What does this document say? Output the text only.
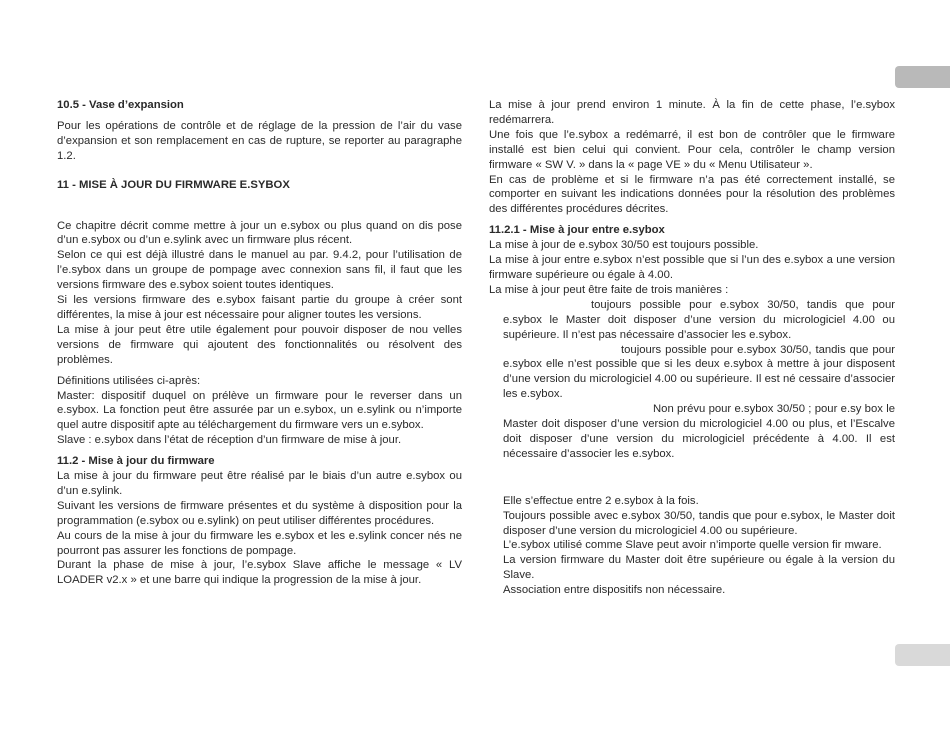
10.5 - Vase d’expansion

Pour les opérations de contrôle et de réglage de la pression de l’air du vase d’expansion et son remplacement en cas de rupture, se reporter au paragraphe 1.2.

11 - MISE À JOUR DU FIRMWARE E.SYBOX

Ce chapitre décrit comme mettre à jour un e.sybox ou plus quand on dis pose d’un e.sybox ou d’un e.sylink avec un firmware plus récent.

Selon ce qui est déjà illustré dans le manuel au par. 9.4.2, pour l’utilisation de l’e.sybox dans un groupe de pompage avec connexion sans fil, il faut que les versions firmware des e.sybox soient toutes identiques.

Si les versions firmware des e.sybox faisant partie du groupe à créer sont différentes, la mise à jour est nécessaire pour aligner toutes les versions.

La mise à jour peut être utile également pour pouvoir disposer de nou velles versions de firmware qui ajoutent des fonctionnalités ou résolvent des problèmes.

Définitions utilisées ci-après:

Master: dispositif duquel on prélève un firmware pour le reverser dans un e.sybox. La fonction peut être assurée par un e.sybox, un e.sylink ou n’importe quel autre dispositif apte au téléchargement du firmware vers un e.sybox.

Slave : e.sybox dans l’état de réception d’un firmware de mise à jour.

11.2 - Mise à jour du firmware

La mise à jour du firmware peut être réalisé par le biais d’un autre e.sybox ou d’un e.sylink.

Suivant les versions de firmware présentes et du système à disposition pour la programmation (e.sybox ou e.sylink) on peut utiliser différentes procédures.

Au cours de la mise à jour du firmware les e.sybox et les e.sylink concer nés ne pourront pas assurer les fonctions de pompage.

Durant la phase de mise à jour, l’e.sybox Slave affiche le message « LV LOADER v2.x » et une barre qui indique la progression de la mise à jour.

La mise à jour prend environ 1 minute. À la fin de cette phase, l’e.sybox redémarrera.

Une fois que l’e.sybox a redémarré, il est bon de contrôler que le firmware installé est bien celui qui convient. Pour cela, contrôler le champ version firmware « SW V. » dans la « page VE » du « Menu Utilisateur ».

En cas de problème et si le firmware n’a pas été correctement installé, se comporter en suivant les indications données pour la résolution des problèmes des différentes procédures décrites.

11.2.1 - Mise à jour entre e.sybox

La mise à jour de e.sybox 30/50 est toujours possible.

La mise à jour entre e.sybox n’est possible que si l’un des e.sybox a une version firmware supérieure ou égale à 4.00.

La mise à jour peut être faite de trois manières :

toujours possible pour e.sybox 30/50, tandis que pour e.sybox le Master doit disposer d’une version du micrologiciel 4.00 ou supérieure. Il n’est pas nécessaire d’associer les e.sybox.

toujours possible pour e.sybox 30/50, tandis que pour e.sybox elle n’est possible que si les deux e.sybox à mettre à jour disposent d’une version du micrologiciel 4.00 ou supérieure. Il est né cessaire d’associer les e.sybox.

Non prévu pour e.sybox 30/50 ; pour e.sy box le Master doit disposer d’une version du micrologiciel 4.00 ou plus, et l’Escalve doit disposer d’une version du micrologiciel précédente à 4.00. Il est nécessaire d’associer les e.sybox.

Elle s’effectue entre 2 e.sybox à la fois.

Toujours possible avec e.sybox 30/50, tandis que pour e.sybox, le Master doit disposer d’une version du micrologiciel 4.00 ou supérieure.

L’e.sybox utilisé comme Slave peut avoir n’importe quelle version fir mware.

La version firmware du Master doit être supérieure ou égale à la version du Slave.

Association entre dispositifs non nécessaire.
